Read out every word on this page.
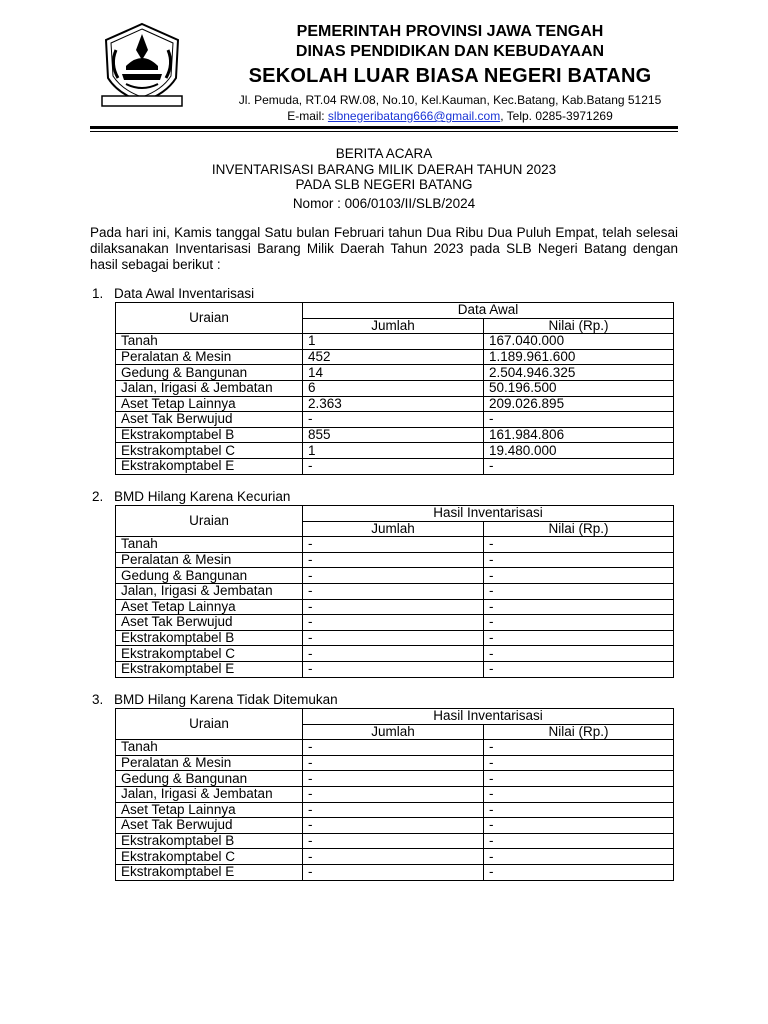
PEMERINTAH PROVINSI JAWA TENGAH
DINAS PENDIDIKAN DAN KEBUDAYAAN
SEKOLAH LUAR BIASA NEGERI BATANG
Jl. Pemuda, RT.04 RW.08, No.10, Kel.Kauman, Kec.Batang, Kab.Batang 51215
E-mail: slbnegeribatang666@gmail.com, Telp. 0285-3971269
BERITA ACARA
INVENTARISASI BARANG MILIK DAERAH TAHUN 2023
PADA SLB NEGERI BATANG
Nomor : 006/0103/II/SLB/2024
Pada hari ini, Kamis tanggal Satu bulan Februari tahun Dua Ribu Dua Puluh Empat, telah selesai dilaksanakan Inventarisasi Barang Milik Daerah Tahun 2023 pada SLB Negeri Batang dengan hasil sebagai berikut :
1. Data Awal Inventarisasi
Uraian	Data Awal	
	Jumlah	Nilai (Rp.)
Tanah	1	167.040.000
Peralatan & Mesin	452	1.189.961.600
Gedung & Bangunan	14	2.504.946.325
Jalan, Irigasi & Jembatan	6	50.196.500
Aset Tetap Lainnya	2.363	209.026.895
Aset Tak Berwujud	-	-
Ekstrakomptabel B	855	161.984.806
Ekstrakomptabel C	1	19.480.000
Ekstrakomptabel E	-	-
2. BMD Hilang Karena Kecurian
Uraian	Hasil Inventarisasi	
	Jumlah	Nilai (Rp.)
Tanah	-	-
Peralatan & Mesin	-	-
Gedung & Bangunan	-	-
Jalan, Irigasi & Jembatan	-	-
Aset Tetap Lainnya	-	-
Aset Tak Berwujud	-	-
Ekstrakomptabel B	-	-
Ekstrakomptabel C	-	-
Ekstrakomptabel E	-	-
3. BMD Hilang Karena Tidak Ditemukan
Uraian	Hasil Inventarisasi	
	Jumlah	Nilai (Rp.)
Tanah	-	-
Peralatan & Mesin	-	-
Gedung & Bangunan	-	-
Jalan, Irigasi & Jembatan	-	-
Aset Tetap Lainnya	-	-
Aset Tak Berwujud	-	-
Ekstrakomptabel B	-	-
Ekstrakomptabel C	-	-
Ekstrakomptabel E	-	-
